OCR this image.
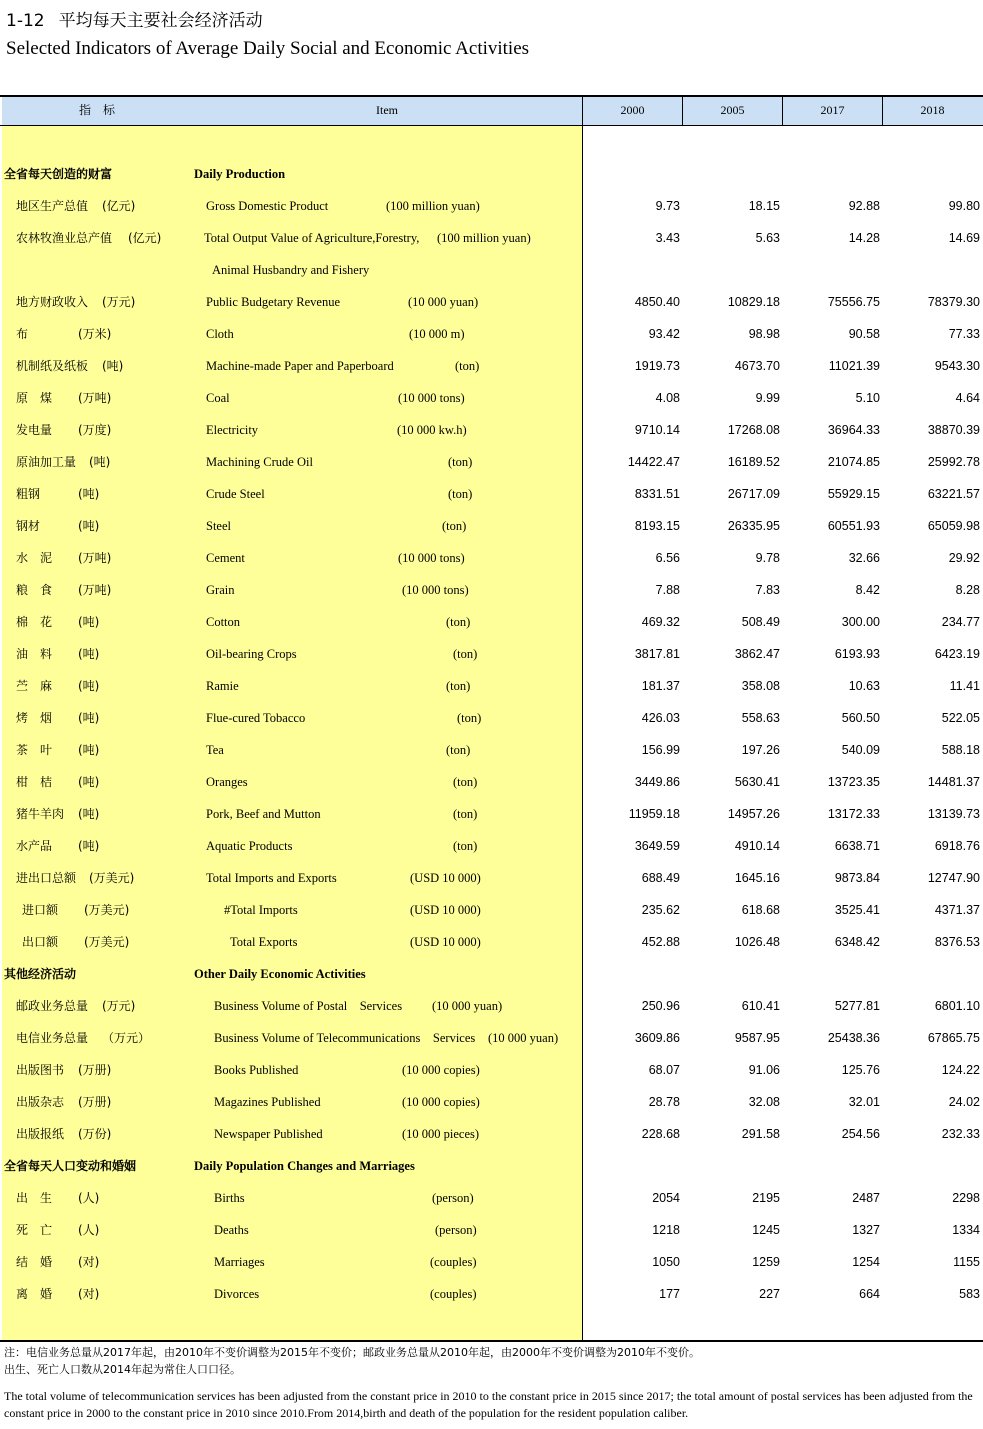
1-12 平均每天主要社会经济活动
Selected Indicators of Average Daily Social and Economic Activities
指　标	Item	2000	2005	2017	2018
全省每天创造的财富	Daily Production
地区生产总值 (亿元)	Gross Domestic Product	(100 million yuan)	9.73	18.15	92.88	99.80
农林牧渔业总产值 (亿元)	Total Output Value of Agriculture,Forestry, (100 million yuan)	3.43	5.63	14.28	14.69
Animal Husbandry and Fishery
地方财政收入 (万元)	Public Budgetary Revenue	(10 000 yuan)	4850.40	10829.18	75556.75	78379.30
布	(万米)	Cloth	(10 000 m)	93.42	98.98	90.58	77.33
机制纸及纸板 (吨)	Machine-made Paper and Paperboard	(ton)	1919.73	4673.70	11021.39	9543.30
原　煤 (万吨)	Coal	(10 000 tons)	4.08	9.99	5.10	4.64
发电量 (万度)	Electricity	(10 000 kw.h)	9710.14	17268.08	36964.33	38870.39
原油加工量 (吨)	Machining Crude Oil	(ton)	14422.47	16189.52	21074.85	25992.78
粗钢	(吨)	Crude Steel	(ton)	8331.51	26717.09	55929.15	63221.57
钢材	(吨)	Steel	(ton)	8193.15	26335.95	60551.93	65059.98
水　泥 (万吨)	Cement	(10 000 tons)	6.56	9.78	32.66	29.92
粮　食 (万吨)	Grain	(10 000 tons)	7.88	7.83	8.42	8.28
棉　花 (吨)	Cotton	(ton)	469.32	508.49	300.00	234.77
油　料 (吨)	Oil-bearing Crops	(ton)	3817.81	3862.47	6193.93	6423.19
苎　麻 (吨)	Ramie	(ton)	181.37	358.08	10.63	11.41
烤　烟 (吨)	Flue-cured Tobacco	(ton)	426.03	558.63	560.50	522.05
茶　叶 (吨)	Tea	(ton)	156.99	197.26	540.09	588.18
柑　桔 (吨)	Oranges	(ton)	3449.86	5630.41	13723.35	14481.37
猪牛羊肉 (吨)	Pork, Beef and Mutton	(ton)	11959.18	14957.26	13172.33	13139.73
水产品 (吨)	Aquatic Products	(ton)	3649.59	4910.14	6638.71	6918.76
进出口总额 (万美元)	Total Imports and Exports	(USD 10 000)	688.49	1645.16	9873.84	12747.90
进口额 (万美元)	#Total Imports	(USD 10 000)	235.62	618.68	3525.41	4371.37
出口额 (万美元)	Total Exports	(USD 10 000)	452.88	1026.48	6348.42	8376.53
其他经济活动	Other Daily Economic Activities
邮政业务总量 (万元)	Business Volume of Postal　Services (10 000 yuan)	250.96	610.41	5277.81	6801.10
电信业务总量 （万元）	Business Volume of Telecommunications　Services (10 000 yuan)	3609.86	9587.95	25438.36	67865.75
出版图书 (万册)	Books Published	(10 000 copies)	68.07	91.06	125.76	124.22
出版杂志 (万册)	Magazines Published	(10 000 copies)	28.78	32.08	32.01	24.02
出版报纸 (万份)	Newspaper Published	(10 000 pieces)	228.68	291.58	254.56	232.33
全省每天人口变动和婚姻	Daily Population Changes and Marriages
出　生 (人)	Births	(person)	2054	2195	2487	2298
死　亡 (人)	Deaths	(person)	1218	1245	1327	1334
结　婚 (对)	Marriages	(couples)	1050	1259	1254	1155
离　婚 (对)	Divorces	(couples)	177	227	664	583
注：电信业务总量从2017年起，由2010年不变价调整为2015年不变价；邮政业务总量从2010年起，由2000年不变价调整为2010年不变价。
出生、死亡人口数从2014年起为常住人口口径。
The total volume of telecommunication services has been adjusted from the constant price in 2010 to the constant price in 2015 since 2017; the total amount of postal services has been adjusted from the constant price in 2000 to the constant price in 2010 since 2010.From 2014,birth and death of the population for the resident population caliber.
